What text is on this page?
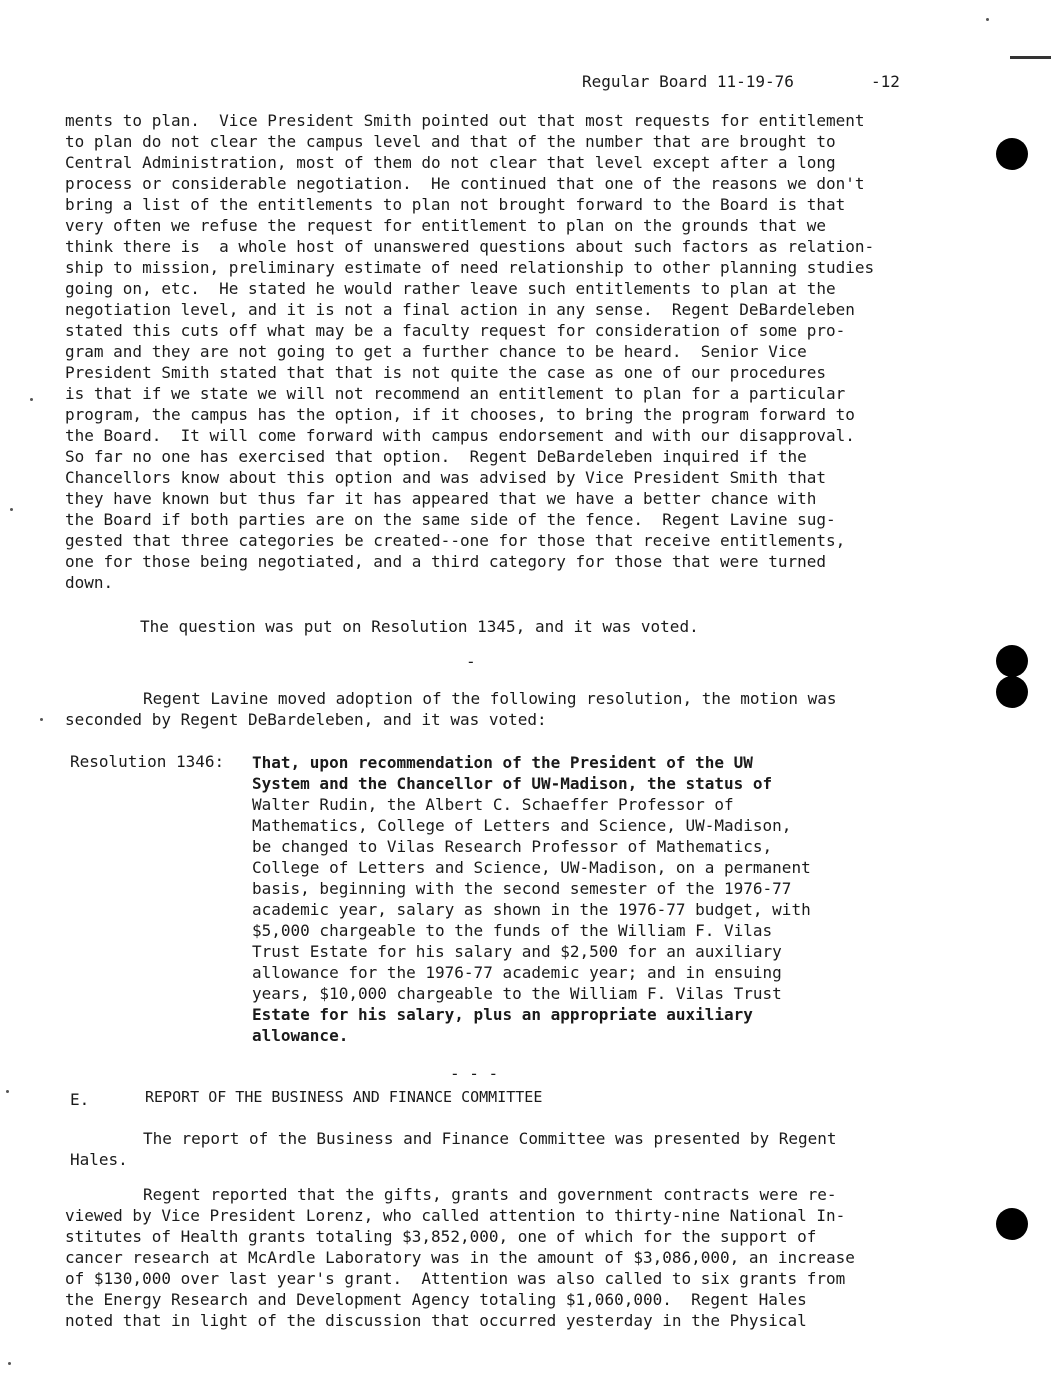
Regular Board 11-19-76	-12
ments to plan.  Vice President Smith pointed out that most requests for entitlement
to plan do not clear the campus level and that of the number that are brought to
Central Administration, most of them do not clear that level except after a long
process or considerable negotiation.  He continued that one of the reasons we don't
bring a list of the entitlements to plan not brought forward to the Board is that
very often we refuse the request for entitlement to plan on the grounds that we
think there is  a whole host of unanswered questions about such factors as relation-
ship to mission, preliminary estimate of need relationship to other planning studies
going on, etc.  He stated he would rather leave such entitlements to plan at the
negotiation level, and it is not a final action in any sense.  Regent DeBardeleben
stated this cuts off what may be a faculty request for consideration of some pro-
gram and they are not going to get a further chance to be heard.  Senior Vice
President Smith stated that that is not quite the case as one of our procedures
is that if we state we will not recommend an entitlement to plan for a particular
program, the campus has the option, if it chooses, to bring the program forward to
the Board.  It will come forward with campus endorsement and with our disapproval.
So far no one has exercised that option.  Regent DeBardeleben inquired if the
Chancellors know about this option and was advised by Vice President Smith that
they have known but thus far it has appeared that we have a better chance with
the Board if both parties are on the same side of the fence.  Regent Lavine sug-
gested that three categories be created--one for those that receive entitlements,
one for those being negotiated, and a third category for those that were turned
down.
The question was put on Resolution 1345, and it was voted.
-
Regent Lavine moved adoption of the following resolution, the motion was
seconded by Regent DeBardeleben, and it was voted:
Resolution 1346: That, upon recommendation of the President of the UW
System and the Chancellor of UW-Madison, the status of
Walter Rudin, the Albert C. Schaeffer Professor of
Mathematics, College of Letters and Science, UW-Madison,
be changed to Vilas Research Professor of Mathematics,
College of Letters and Science, UW-Madison, on a permanent
basis, beginning with the second semester of the 1976-77
academic year, salary as shown in the 1976-77 budget, with
$5,000 chargeable to the funds of the William F. Vilas
Trust Estate for his salary and $2,500 for an auxiliary
allowance for the 1976-77 academic year; and in ensuing
years, $10,000 chargeable to the William F. Vilas Trust
Estate for his salary, plus an appropriate auxiliary
allowance.
- - -
E.	REPORT OF THE BUSINESS AND FINANCE COMMITTEE
The report of the Business and Finance Committee was presented by Regent
Hales.
Regent reported that the gifts, grants and government contracts were re-
viewed by Vice President Lorenz, who called attention to thirty-nine National In-
stitutes of Health grants totaling $3,852,000, one of which for the support of
cancer research at McArdle Laboratory was in the amount of $3,086,000, an increase
of $130,000 over last year's grant.  Attention was also called to six grants from
the Energy Research and Development Agency totaling $1,060,000.  Regent Hales
noted that in light of the discussion that occurred yesterday in the Physical
